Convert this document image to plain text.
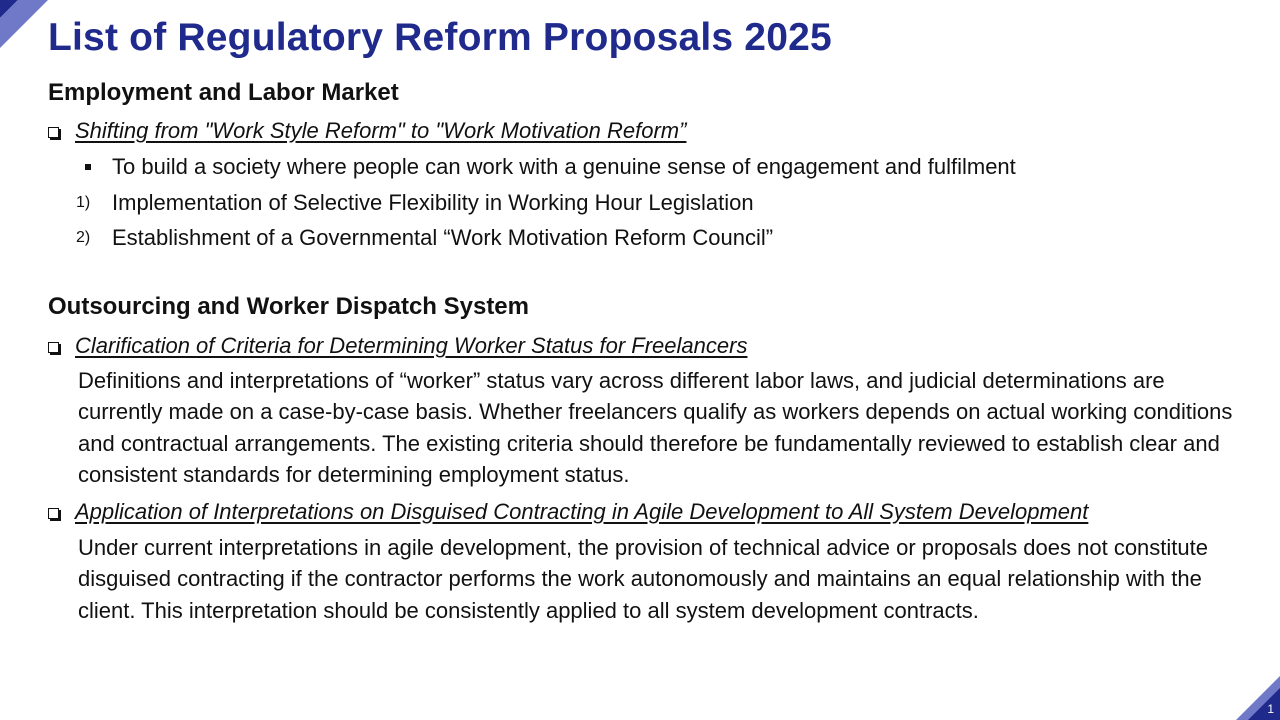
1
List of Regulatory Reform Proposals 2025
Employment and Labor Market
Shifting from "Work Style Reform" to "Work Motivation Reform”
To build a society where people can work with a genuine sense of engagement and fulfilment
1) Implementation of Selective Flexibility in Working Hour Legislation
2) Establishment of a Governmental “Work Motivation Reform Council”
Outsourcing and Worker Dispatch System
Clarification of Criteria for Determining Worker Status for Freelancers

Definitions and interpretations of “worker” status vary across different labor laws, and judicial determinations are currently made on a case-by-case basis. Whether freelancers qualify as workers depends on actual working conditions and contractual arrangements. The existing criteria should therefore be fundamentally reviewed to establish clear and consistent standards for determining employment status.

Application of Interpretations on Disguised Contracting in Agile Development to All System Development

Under current interpretations in agile development, the provision of technical advice or proposals does not constitute disguised contracting if the contractor performs the work autonomously and maintains an equal relationship with the client. This interpretation should be consistently applied to all system development contracts.
